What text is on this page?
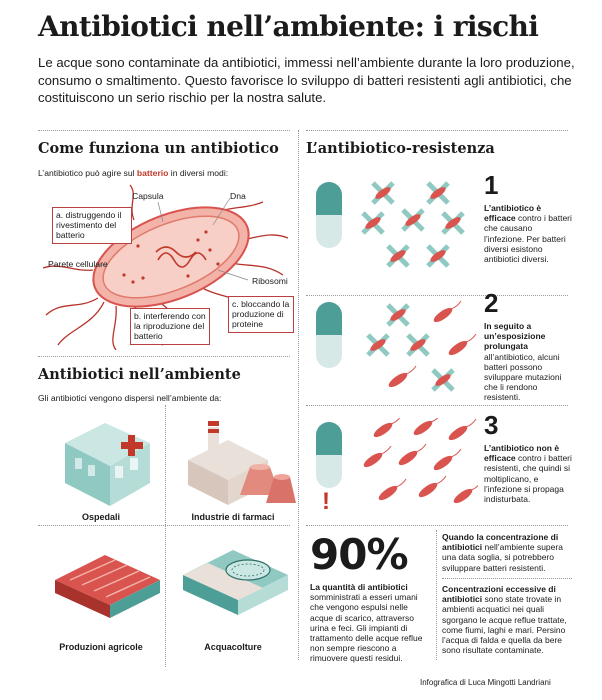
Antibiotici nell’ambiente: i rischi

Le acque sono contaminate da antibiotici, immessi nell’ambiente durante la loro produzione, consumo o smaltimento. Questo favorisce lo sviluppo di batteri resistenti agli antibiotici, che costituiscono un serio rischio per la nostra salute.

Come funziona un antibiotico
L’antibiotico può agire sul batterio in diversi modi:
Capsula	Dna
Parete cellulare
Ribosomi
a. distruggendo il rivestimento del batterio
b. interferendo con la riproduzione del batterio
c. bloccando la produzione di proteine
Antibiotici nell’ambiente
Gli antibiotici vengono dispersi nell’ambiente da:
Ospedali	Industrie di farmaci
Produzioni agricole	Acquacolture
L’antibiotico-resistenza
!
1
L’antibiotico è efficace contro i batteri che causano l’infezione. Per batteri diversi esistono antibiotici diversi.
2
In seguito a un’esposizione prolungata all’antibiotico, alcuni batteri possono sviluppare mutazioni che li rendono resistenti.
3
L’antibiotico non è efficace contro i batteri resistenti, che quindi si moltiplicano, e l’infezione si propaga indisturbata.
90%
La quantità di antibiotici somministrati a esseri umani che vengono espulsi nelle acque di scarico, attraverso urina e feci. Gli impianti di trattamento delle acque reflue non sempre riescono a rimuovere questi residui.
Quando la concentrazione di antibiotici nell’ambiente supera una data soglia, si potrebbero sviluppare batteri resistenti.
Concentrazioni eccessive di antibiotici sono state trovate in ambienti acquatici nei quali sgorgano le acque reflue trattate, come fiumi, laghi e mari. Persino l’acqua di falda e quella da bere sono risultate contaminate.
Infografica di Luca Mingotti Landriani
